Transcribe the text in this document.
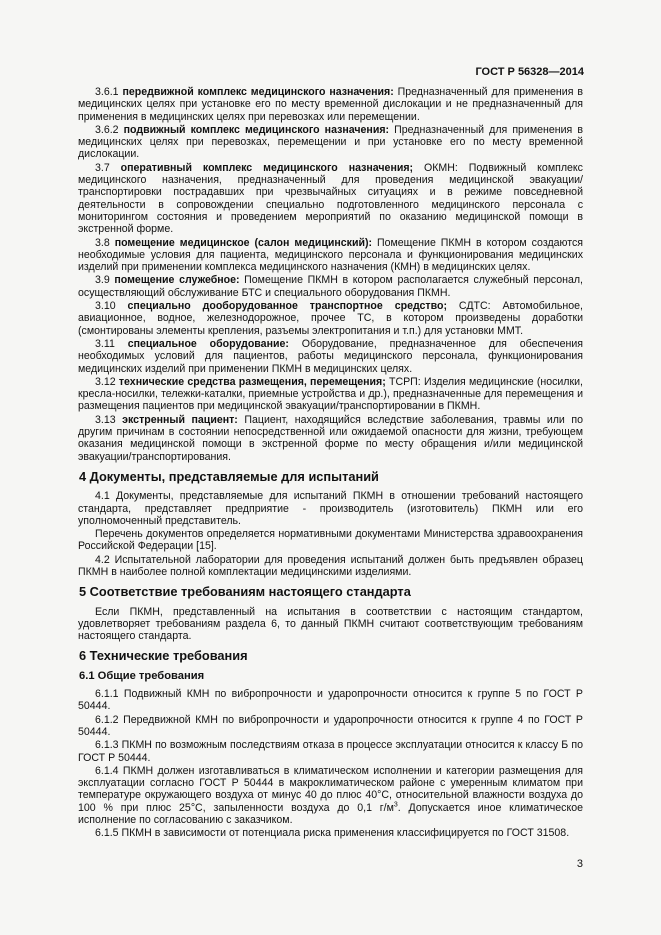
ГОСТ Р 56328—2014

3.6.1 передвижной комплекс медицинского назначения: Предназначенный для применения в медицинских целях при установке его по месту временной дислокации и не предназначенный для применения в медицинских целях при перевозках или перемещении.

3.6.2 подвижный комплекс медицинского назначения: Предназначенный для применения в медицинских целях при перевозках, перемещении и при установке его по месту временной дислокации.

3.7 оперативный комплекс медицинского назначения; ОКМН: Подвижный комплекс медицинского назначения, предназначенный для проведения медицинской эвакуации/транспортировки пострадавших при чрезвычайных ситуациях и в режиме повседневной деятельности в сопровождении специально подготовленного медицинского персонала с мониторингом состояния и проведением мероприятий по оказанию медицинской помощи в экстренной форме.

3.8 помещение медицинское (салон медицинский): Помещение ПКМН в котором создаются необходимые условия для пациента, медицинского персонала и функционирования медицинских изделий при применении комплекса медицинского назначения (КМН) в медицинских целях.

3.9 помещение служебное: Помещение ПКМН в котором располагается служебный персонал, осуществляющий обслуживание БТС и специального оборудования ПКМН.

3.10 специально дооборудованное транспортное средство; СДТС: Автомобильное, авиационное, водное, железнодорожное, прочее ТС, в котором произведены доработки (смонтированы элементы крепления, разъемы электропитания и т.п.) для установки ММТ.

3.11 специальное оборудование: Оборудование, предназначенное для обеспечения необходимых условий для пациентов, работы медицинского персонала, функционирования медицинских изделий при применении ПКМН в медицинских целях.

3.12 технические средства размещения, перемещения; ТСРП: Изделия медицинские (носилки, кресла-носилки, тележки-каталки, приемные устройства и др.), предназначенные для перемещения и размещения пациентов при медицинской эвакуации/транспортировании в ПКМН.

3.13 экстренный пациент: Пациент, находящийся вследствие заболевания, травмы или по другим причинам в состоянии непосредственной или ожидаемой опасности для жизни, требующем оказания медицинской помощи в экстренной форме по месту обращения и/или медицинской эвакуации/транспортирования.

4 Документы, представляемые для испытаний

4.1 Документы, представляемые для испытаний ПКМН в отношении требований настоящего стандарта, представляет предприятие - производитель (изготовитель) ПКМН или его уполномоченный представитель.

Перечень документов определяется нормативными документами Министерства здравоохранения Российской Федерации [15].

4.2 Испытательной лаборатории для проведения испытаний должен быть предъявлен образец ПКМН в наиболее полной комплектации медицинскими изделиями.

5 Соответствие требованиям настоящего стандарта

Если ПКМН, представленный на испытания в соответствии с настоящим стандартом, удовлетворяет требованиям раздела 6, то данный ПКМН считают соответствующим требованиям настоящего стандарта.

6 Технические требования
6.1 Общие требования

6.1.1 Подвижный КМН по вибропрочности и ударопрочности относится к группе 5 по ГОСТ Р 50444.

6.1.2 Передвижной КМН по вибропрочности и ударопрочности относится к группе 4 по ГОСТ Р 50444.

6.1.3 ПКМН по возможным последствиям отказа в процессе эксплуатации относится к классу Б по ГОСТ Р 50444.

6.1.4 ПКМН должен изготавливаться в климатическом исполнении и категории размещения для эксплуатации согласно ГОСТ Р 50444 в макроклиматическом районе с умеренным климатом при температуре окружающего воздуха от минус 40 до плюс 40°С, относительной влажности воздуха до 100 % при плюс 25°С, запыленности воздуха до 0,1 $г/м^3$. Допускается иное климатическое исполнение по согласованию с заказчиком.

6.1.5 ПКМН в зависимости от потенциала риска применения классифицируется по ГОСТ 31508.

3
